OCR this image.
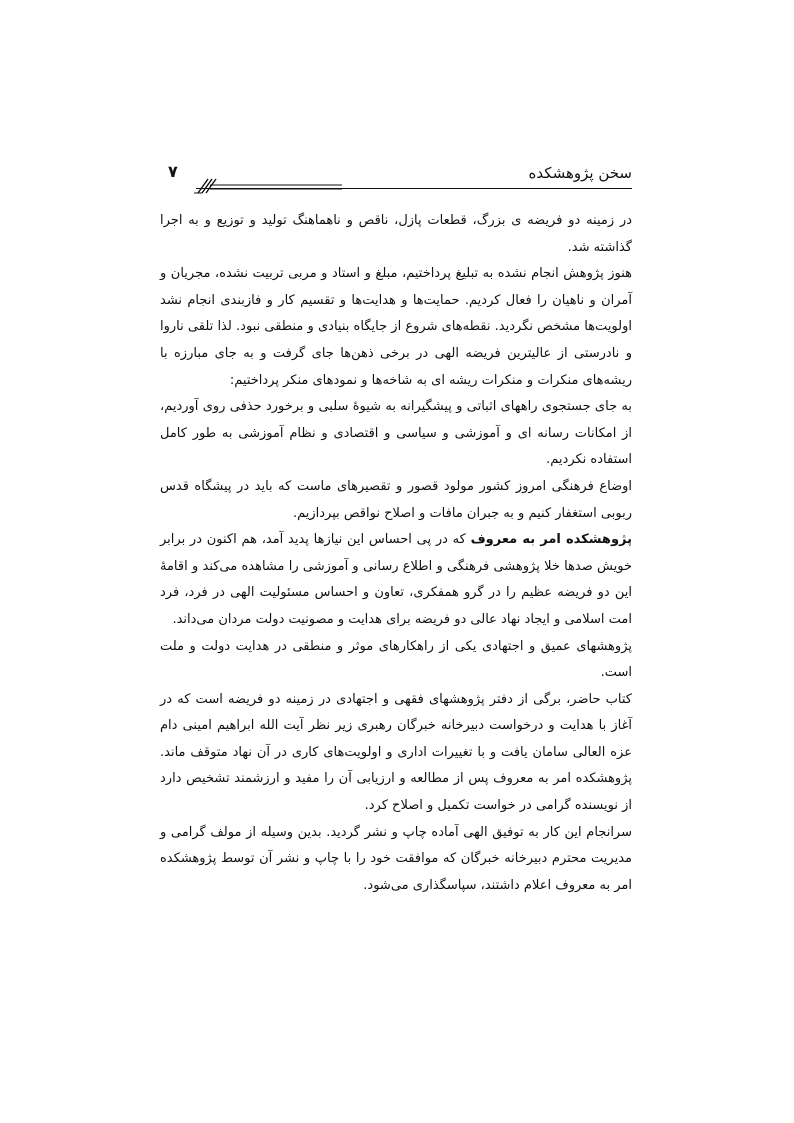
۷	سخن پژوهشکده

در زمینه دو فریضه ی بزرگ، قطعات پازل، ناقص و ناهماهنگ تولید و توزیع و به اجرا گذاشته شد.

هنوز پژوهش انجام نشده به تبلیغ پرداختیم، مبلغ و استاد و مربی تربیت نشده، مجریان و آمران و ناهیان را فعال کردیم. حمایت‌ها و هدایت‌ها و تقسیم کار و فازبندی انجام نشد اولویت‌ها مشخص نگردید. نقطه‌های شروع از جایگاه بنیادی و منطقی نبود. لذا تلقی ناروا و نادرستی از عالیترین فریضه الهی در برخی ذهن‌ها جای گرفت و به جای مبارزه با ریشه‌های منکرات و منکرات ریشه ای به شاخه‌ها و نمودهای منکر پرداختیم:

به جای جستجوی راههای اثباتی و پیشگیرانه به شیوهٔ سلبی و برخورد حذفی روی آوردیم، از امکانات رسانه ای و آموزشی و سیاسی و اقتصادی و نظام آموزشی به طور کامل استفاده نکردیم.

اوضاع فرهنگی امروز کشور مولود قصور و تقصیرهای ماست که باید در پیشگاه قدس ربوبی استغفار کنیم و به جبران مافات و اصلاح نواقص بپردازیم.

پژوهشکده امر به معروف که در پی احساس این نیازها پدید آمد، هم اکنون در برابر خویش صدها خلا پژوهشی فرهنگی و اطلاع رسانی و آموزشی را مشاهده می‌کند و اقامهٔ این دو فریضه عظیم را در گرو همفکری، تعاون و احساس مسئولیت الهی در فرد، فرد امت اسلامی و ایجاد نهاد عالی دو فریضه برای هدایت و مصونیت دولت مردان می‌داند.

پژوهشهای عمیق و اجتهادی یکی از راهکارهای موثر و منطقی در هدایت دولت و ملت است.

کتاب حاضر، برگی از دفتر پژوهشهای فقهی و اجتهادی در زمینه دو فریضه است که در آغاز با هدایت و درخواست دبیرخانه خبرگان رهبری زیر نظر آیت الله ابراهیم امینی دام عزه العالی سامان یافت و با تغییرات اداری و اولویت‌های کاری در آن نهاد متوقف ماند. پژوهشکده امر به معروف پس از مطالعه و ارزیابی آن را مفید و ارزشمند تشخیص دارد از نویسنده گرامی در خواست تکمیل و اصلاح کرد.

سرانجام این کار به توفیق الهی آماده چاپ و نشر گردید. بدین وسیله از مولف گرامی و مدیریت محترم دبیرخانه خبرگان که موافقت خود را با چاپ و نشر آن توسط پژوهشکده امر به معروف اعلام داشتند، سپاسگذاری می‌شود.
